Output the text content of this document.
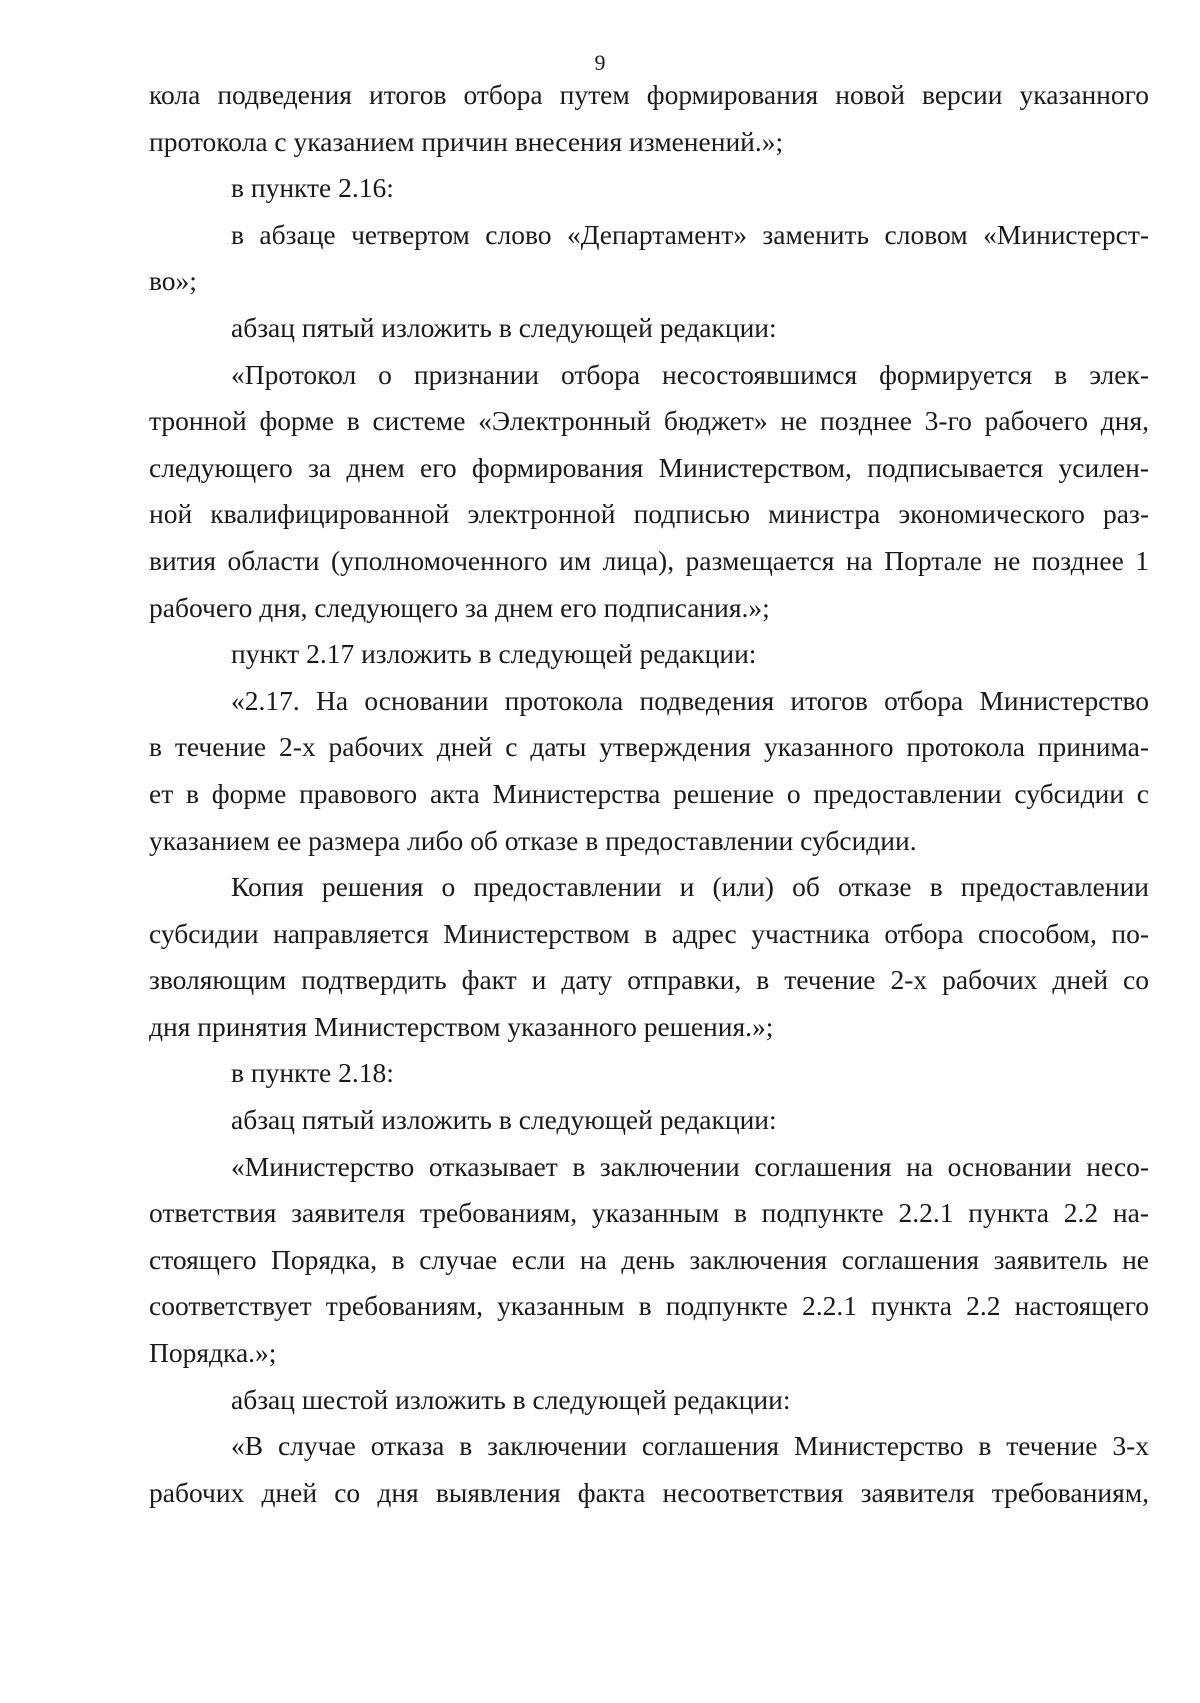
9
кола подведения итогов отбора путем формирования новой версии указанного
протокола с указанием причин внесения изменений.»;
в пункте 2.16:
в абзаце четвертом слово «Департамент» заменить словом «Министерст-
во»;
абзац пятый изложить в следующей редакции:
«Протокол о признании отбора несостоявшимся формируется в элек-
тронной форме в системе «Электронный бюджет» не позднее 3-го рабочего дня,
следующего за днем его формирования Министерством, подписывается усилен-
ной квалифицированной электронной подписью министра экономического раз-
вития области (уполномоченного им лица), размещается на Портале не позднее 1
рабочего дня, следующего за днем его подписания.»;
пункт 2.17 изложить в следующей редакции:
«2.17. На основании протокола подведения итогов отбора Министерство
в течение 2-х рабочих дней с даты утверждения указанного протокола принима-
ет в форме правового акта Министерства решение о предоставлении субсидии с
указанием ее размера либо об отказе в предоставлении субсидии.
Копия решения о предоставлении и (или) об отказе в предоставлении
субсидии направляется Министерством в адрес участника отбора способом, по-
зволяющим подтвердить факт и дату отправки, в течение 2-х рабочих дней со
дня принятия Министерством указанного решения.»;
в пункте 2.18:
абзац пятый изложить в следующей редакции:
«Министерство отказывает в заключении соглашения на основании несо-
ответствия заявителя требованиям, указанным в подпункте 2.2.1 пункта 2.2 на-
стоящего Порядка, в случае если на день заключения соглашения заявитель не
соответствует требованиям, указанным в подпункте 2.2.1 пункта 2.2 настоящего
Порядка.»;
абзац шестой изложить в следующей редакции:
«В случае отказа в заключении соглашения Министерство в течение 3-х
рабочих дней со дня выявления факта несоответствия заявителя требованиям,
